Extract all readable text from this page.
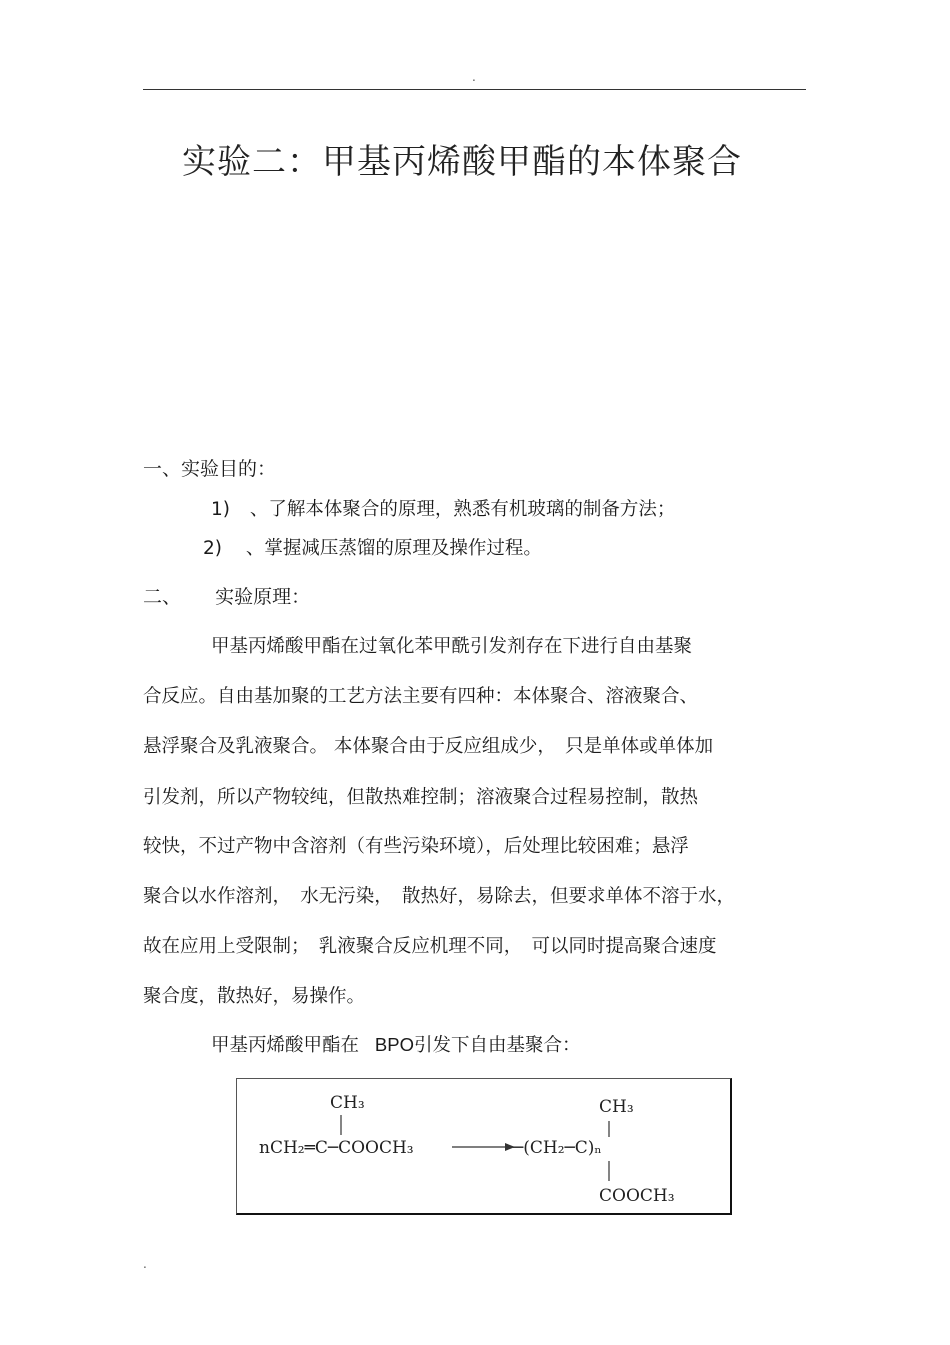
.
实验二：甲基丙烯酸甲酯的本体聚合
一、实验目的：
1) 、了解本体聚合的原理，熟悉有机玻璃的制备方法；
2) 、掌握减压蒸馏的原理及操作过程。
二、 实验原理：
甲基丙烯酸甲酯在过氧化苯甲酰引发剂存在下进行自由基聚
合反应。自由基加聚的工艺方法主要有四种：本体聚合、溶液聚合、
悬浮聚合及乳液聚合。 本体聚合由于反应组成少，　只是单体或单体加
引发剂，所以产物较纯，但散热难控制；溶液聚合过程易控制，散热
较快，不过产物中含溶剂（有些污染环境），后处理比较困难；悬浮
聚合以水作溶剂，　水无污染，　散热好，易除去，但要求单体不溶于水，
故在应用上受限制；　乳液聚合反应机理不同，　可以同时提高聚合速度
聚合度，散热好，易操作。
甲基丙烯酸甲酯在 BPO引发下自由基聚合：
CH₃
nCH₂═C─COOCH₃
CH₃
─(CH₂─C)ₙ
COOCH₃
.
